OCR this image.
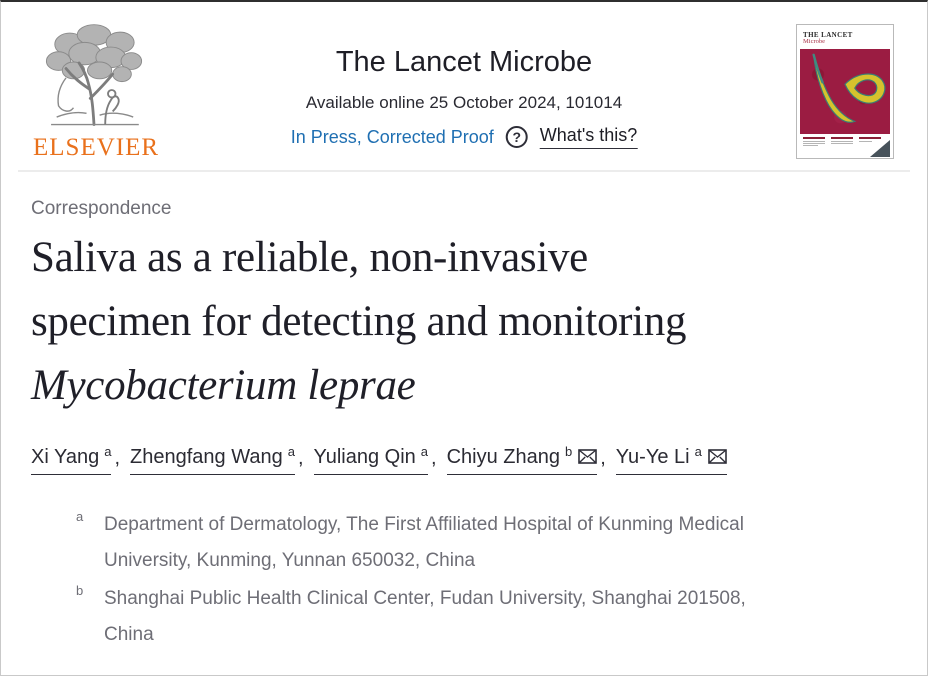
ELSEVIER
The Lancet Microbe
Available online 25 October 2024, 101014
In Press, Corrected Proof	?	What's this?
THE LANCET
Microbe
Correspondence
Saliva as a reliable, non-invasive
specimen for detecting and monitoring
Mycobacterium leprae
Xi Yang $^a$ , Zhengfang Wang $^a$ , Yuliang Qin $^a$ , Chiyu Zhang $^b$ , Yu-Ye Li $^a$
$^a$	Department of Dermatology, The First Affiliated Hospital of Kunming Medical
University, Kunming, Yunnan 650032, China
$^b$	Shanghai Public Health Clinical Center, Fudan University, Shanghai 201508,
China
